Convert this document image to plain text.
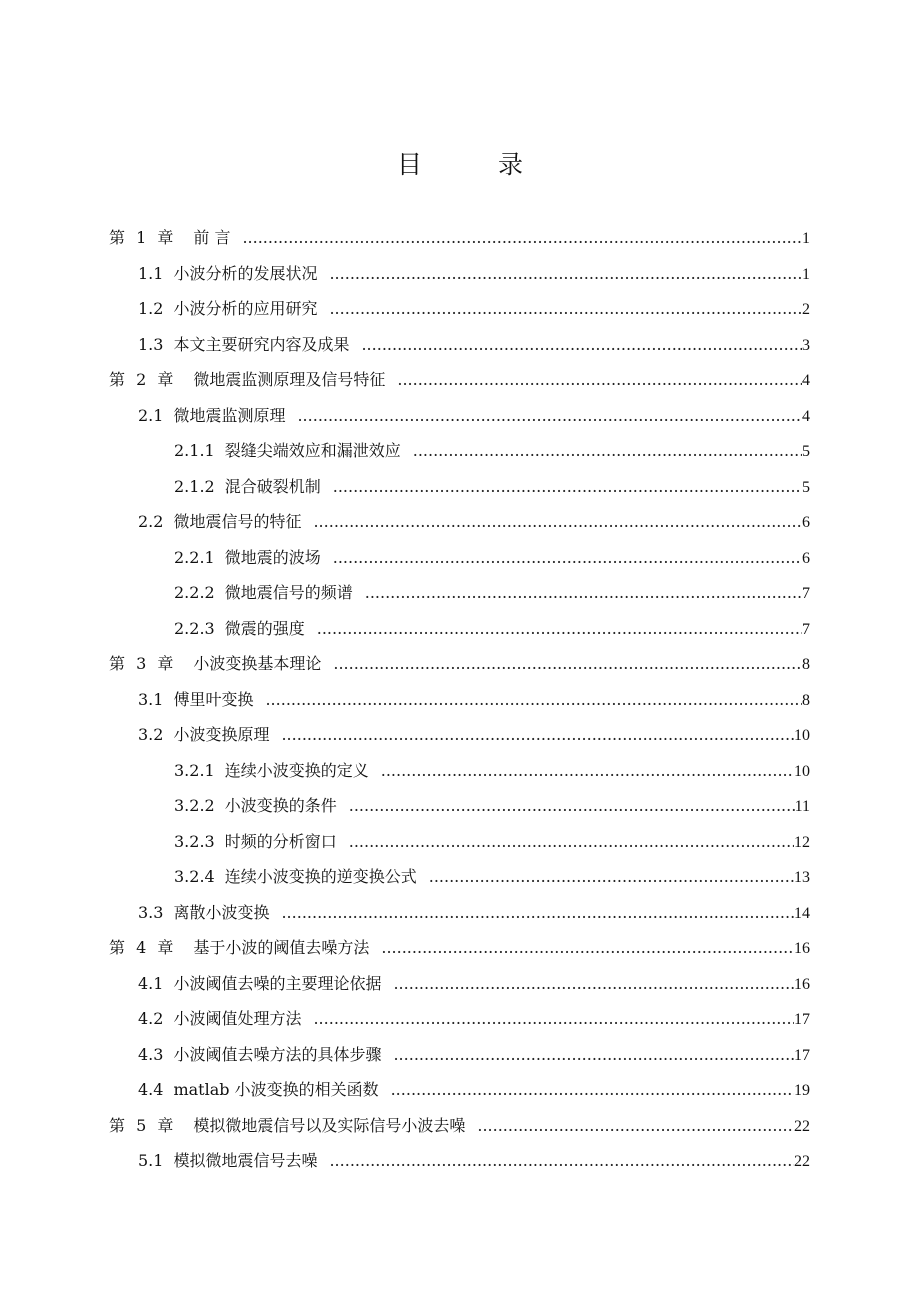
目 录
第 1 章 前 言 .....	1
1.1 小波分析的发展状况 .....	1
1.2 小波分析的应用研究 .....	2
1.3 本文主要研究内容及成果 .....	3
第 2 章 微地震监测原理及信号特征 .....	4
2.1 微地震监测原理 .....	4
2.1.1 裂缝尖端效应和漏泄效应 .....	5
2.1.2 混合破裂机制 .....	5
2.2 微地震信号的特征 .....	6
2.2.1 微地震的波场 .....	6
2.2.2 微地震信号的频谱 .....	7
2.2.3 微震的强度 .....	7
第 3 章 小波变换基本理论 .....	8
3.1 傅里叶变换 .....	8
3.2 小波变换原理 .....	10
3.2.1 连续小波变换的定义 .....	10
3.2.2 小波变换的条件 .....	11
3.2.3 时频的分析窗口 .....	12
3.2.4 连续小波变换的逆变换公式 .....	13
3.3 离散小波变换 .....	14
第 4 章 基于小波的阈值去噪方法 .....	16
4.1 小波阈值去噪的主要理论依据 .....	16
4.2 小波阈值处理方法 .....	17
4.3 小波阈值去噪方法的具体步骤 .....	17
4.4 matlab 小波变换的相关函数 .....	19
第 5 章 模拟微地震信号以及实际信号小波去噪 .....	22
5.1 模拟微地震信号去噪 .....	22
